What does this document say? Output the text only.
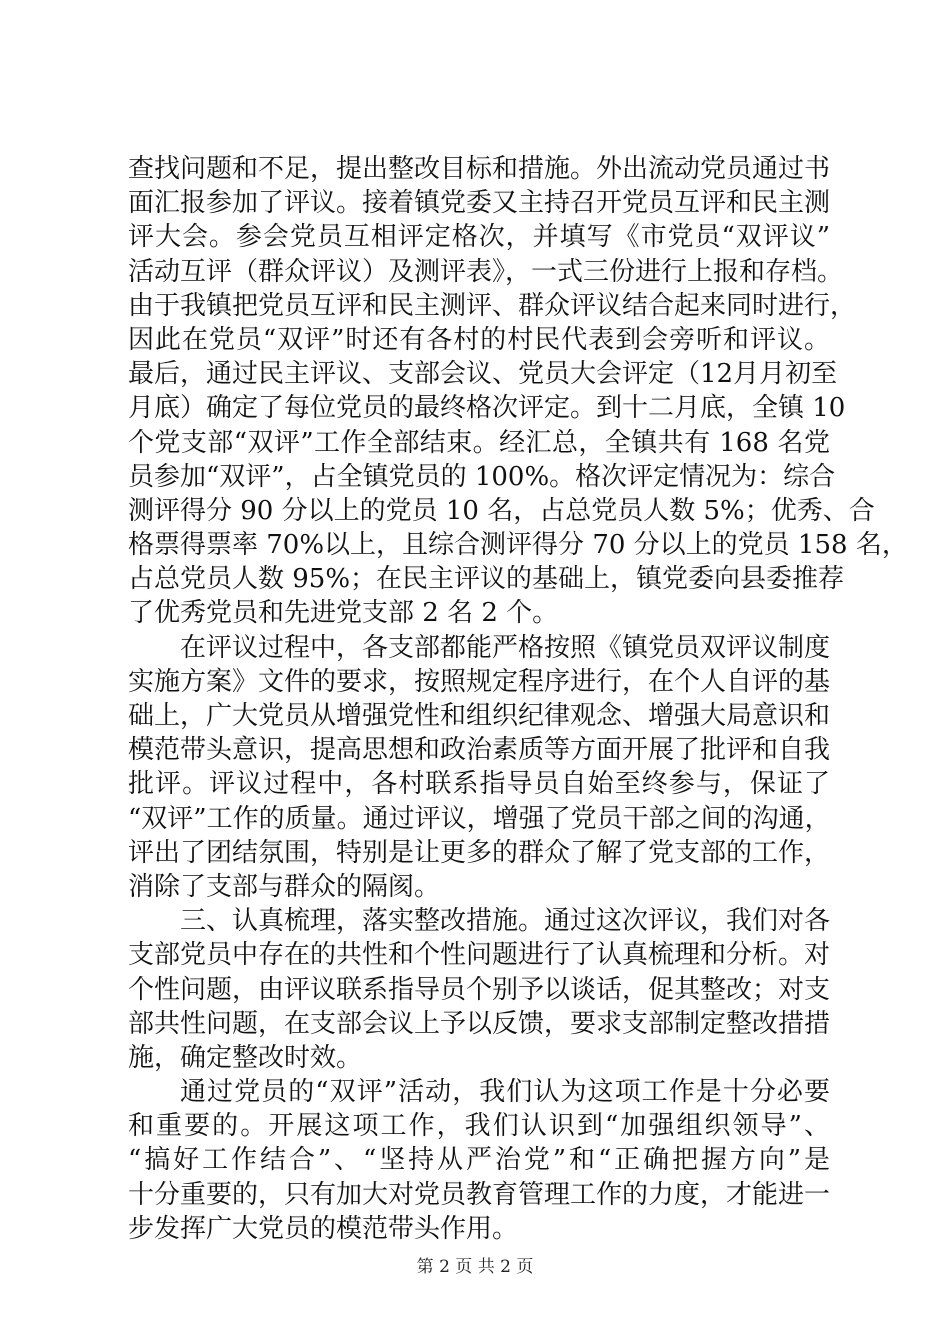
查找问题和不足，提出整改目标和措施。外出流动党员通过书
面汇报参加了评议。接着镇党委又主持召开党员互评和民主测
评大会。参会党员互相评定格次，并填写《市党员“双评议”
活动互评（群众评议）及测评表》，一式三份进行上报和存档。
由于我镇把党员互评和民主测评、群众评议结合起来同时进行，
因此在党员“双评”时还有各村的村民代表到会旁听和评议。
最后，通过民主评议、支部会议、党员大会评定（12月月初至
月底）确定了每位党员的最终格次评定。到十二月底，全镇 10
个党支部“双评”工作全部结束。经汇总，全镇共有 168 名党
员参加“双评”，占全镇党员的 100%。格次评定情况为：综合
测评得分 90 分以上的党员 10 名，占总党员人数 5%；优秀、合
格票得票率 70%以上，且综合测评得分 70 分以上的党员 158 名，
占总党员人数 95%；在民主评议的基础上，镇党委向县委推荐
了优秀党员和先进党支部 2 名 2 个。
在评议过程中，各支部都能严格按照《镇党员双评议制度
实施方案》文件的要求，按照规定程序进行，在个人自评的基
础上，广大党员从增强党性和组织纪律观念、增强大局意识和
模范带头意识，提高思想和政治素质等方面开展了批评和自我
批评。评议过程中，各村联系指导员自始至终参与，保证了
“双评”工作的质量。通过评议，增强了党员干部之间的沟通，
评出了团结氛围，特别是让更多的群众了解了党支部的工作，
消除了支部与群众的隔阂。
三、认真梳理，落实整改措施。通过这次评议，我们对各
支部党员中存在的共性和个性问题进行了认真梳理和分析。对
个性问题，由评议联系指导员个别予以谈话，促其整改；对支
部共性问题，在支部会议上予以反馈，要求支部制定整改措措
施，确定整改时效。
通过党员的“双评”活动，我们认为这项工作是十分必要
和重要的。开展这项工作，我们认识到“加强组织领导”、
“搞好工作结合”、“坚持从严治党”和“正确把握方向”是
十分重要的，只有加大对党员教育管理工作的力度，才能进一
步发挥广大党员的模范带头作用。
第 2 页 共 2 页
